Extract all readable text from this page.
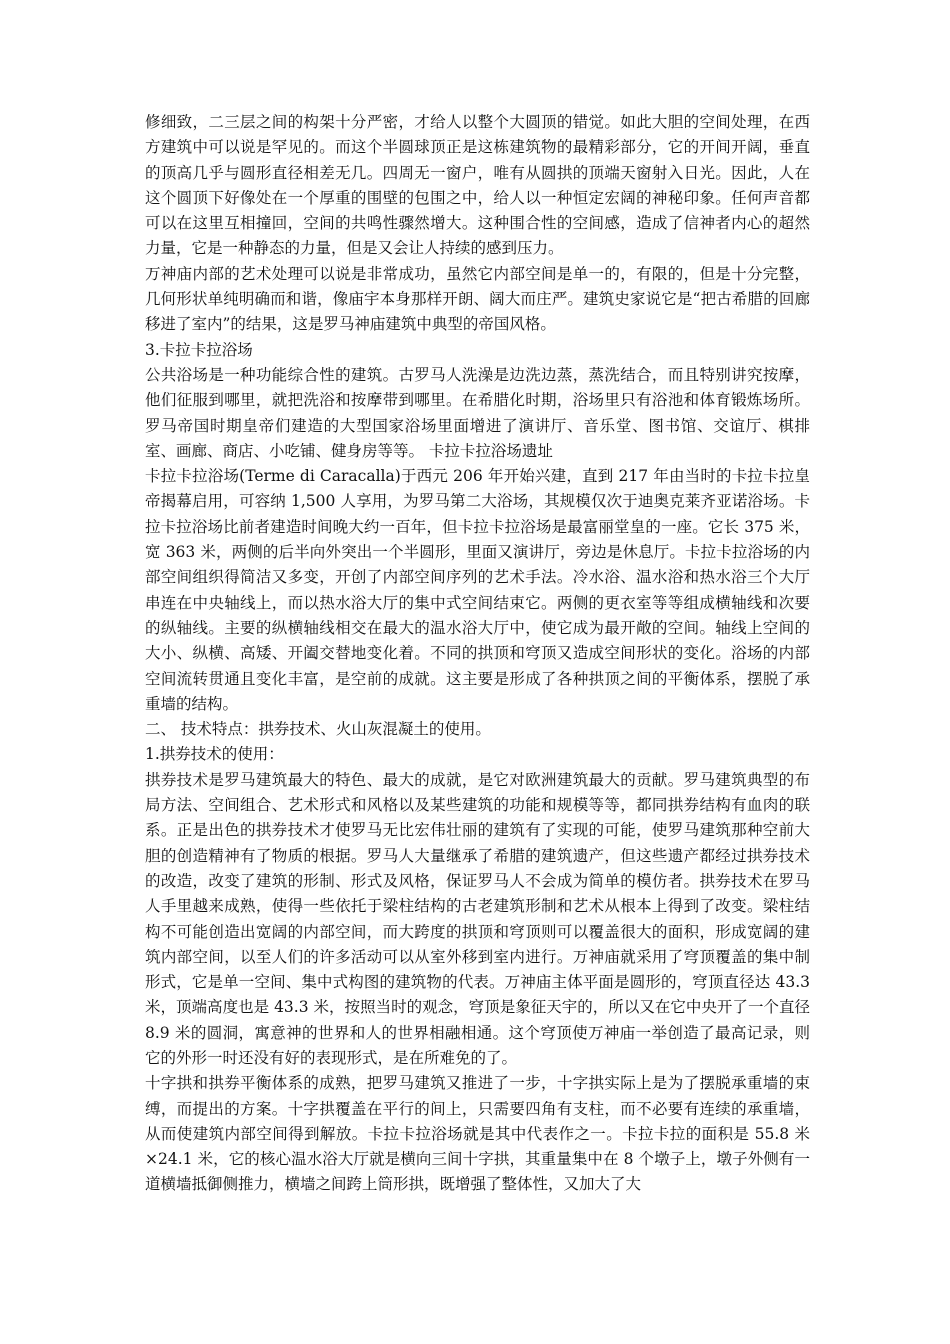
修细致，二三层之间的构架十分严密，才给人以整个大圆顶的错觉。如此大胆的空间处理，在西方建筑中可以说是罕见的。而这个半圆球顶正是这栋建筑物的最精彩部分，它的开间开阔，垂直的顶高几乎与圆形直径相差无几。四周无一窗户，唯有从圆拱的顶端天窗射入日光。因此，人在这个圆顶下好像处在一个厚重的围壁的包围之中，给人以一种恒定宏阔的神秘印象。任何声音都可以在这里互相撞回，空间的共鸣性骤然增大。这种围合性的空间感，造成了信神者内心的超然力量，它是一种静态的力量，但是又会让人持续的感到压力。

万神庙内部的艺术处理可以说是非常成功，虽然它内部空间是单一的，有限的，但是十分完整，几何形状单纯明确而和谐，像庙宇本身那样开朗、阔大而庄严。建筑史家说它是“把古希腊的回廊移进了室内”的结果，这是罗马神庙建筑中典型的帝国风格。

3.卡拉卡拉浴场

公共浴场是一种功能综合性的建筑。古罗马人洗澡是边洗边蒸，蒸洗结合，而且特别讲究按摩，他们征服到哪里，就把洗浴和按摩带到哪里。在希腊化时期，浴场里只有浴池和体育锻炼场所。罗马帝国时期皇帝们建造的大型国家浴场里面增进了演讲厅、音乐堂、图书馆、交谊厅、棋排室、画廊、商店、小吃铺、健身房等等。 卡拉卡拉浴场遗址

卡拉卡拉浴场(Terme di Caracalla)于西元 206 年开始兴建，直到 217 年由当时的卡拉卡拉皇帝揭幕启用，可容纳 1,500 人享用，为罗马第二大浴场，其规模仅次于迪奥克莱齐亚诺浴场。卡拉卡拉浴场比前者建造时间晚大约一百年，但卡拉卡拉浴场是最富丽堂皇的一座。它长 375 米，宽 363 米，两侧的后半向外突出一个半圆形，里面又演讲厅，旁边是休息厅。卡拉卡拉浴场的内部空间组织得简洁又多变，开创了内部空间序列的艺术手法。冷水浴、温水浴和热水浴三个大厅串连在中央轴线上，而以热水浴大厅的集中式空间结束它。两侧的更衣室等等组成横轴线和次要的纵轴线。主要的纵横轴线相交在最大的温水浴大厅中，使它成为最开敞的空间。轴线上空间的大小、纵横、高矮、开阖交替地变化着。不同的拱顶和穹顶又造成空间形状的变化。浴场的内部空间流转贯通且变化丰富，是空前的成就。这主要是形成了各种拱顶之间的平衡体系，摆脱了承重墙的结构。

二、 技术特点：拱券技术、火山灰混凝土的使用。

1.拱券技术的使用：

拱券技术是罗马建筑最大的特色、最大的成就，是它对欧洲建筑最大的贡献。罗马建筑典型的布局方法、空间组合、艺术形式和风格以及某些建筑的功能和规模等等，都同拱券结构有血肉的联系。正是出色的拱券技术才使罗马无比宏伟壮丽的建筑有了实现的可能，使罗马建筑那种空前大胆的创造精神有了物质的根据。罗马人大量继承了希腊的建筑遗产，但这些遗产都经过拱券技术的改造，改变了建筑的形制、形式及风格，保证罗马人不会成为简单的模仿者。拱券技术在罗马人手里越来成熟，使得一些依托于梁柱结构的古老建筑形制和艺术从根本上得到了改变。梁柱结构不可能创造出宽阔的内部空间，而大跨度的拱顶和穹顶则可以覆盖很大的面积，形成宽阔的建筑内部空间，以至人们的许多活动可以从室外移到室内进行。万神庙就采用了穹顶覆盖的集中制形式，它是单一空间、集中式构图的建筑物的代表。万神庙主体平面是圆形的，穹顶直径达 43.3 米，顶端高度也是 43.3 米，按照当时的观念，穹顶是象征天宇的，所以又在它中央开了一个直径 8.9 米的圆洞，寓意神的世界和人的世界相融相通。这个穹顶使万神庙一举创造了最高记录，则它的外形一时还没有好的表现形式，是在所难免的了。

十字拱和拱券平衡体系的成熟，把罗马建筑又推进了一步，十字拱实际上是为了摆脱承重墙的束缚，而提出的方案。十字拱覆盖在平行的间上，只需要四角有支柱，而不必要有连续的承重墙，从而使建筑内部空间得到解放。卡拉卡拉浴场就是其中代表作之一。卡拉卡拉的面积是 55.8 米×24.1 米，它的核心温水浴大厅就是横向三间十字拱，其重量集中在 8 个墩子上，墩子外侧有一道横墙抵御侧推力，横墙之间跨上筒形拱，既增强了整体性，又加大了大
